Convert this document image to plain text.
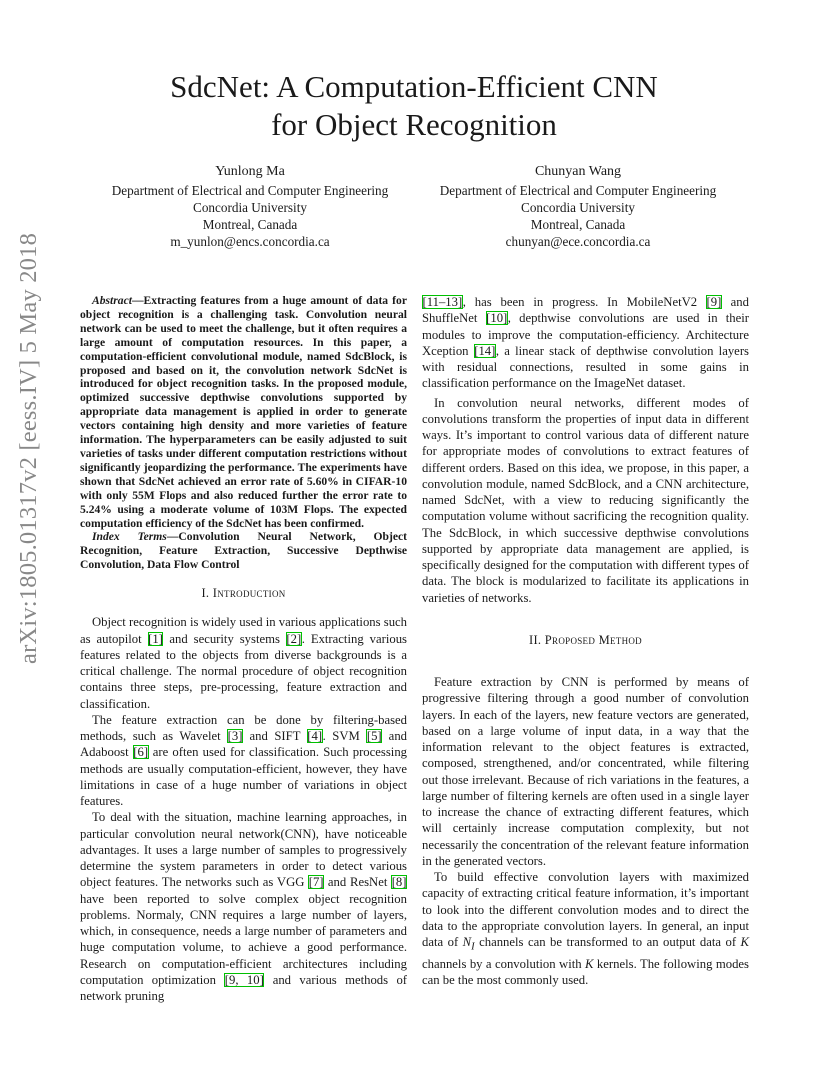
arXiv:1805.01317v2 [eess.IV] 5 May 2018
SdcNet: A Computation-Efficient CNN
for Object Recognition
Yunlong Ma
Department of Electrical and Computer Engineering
Concordia University
Montreal, Canada
m_yunlon@encs.concordia.ca
Chunyan Wang
Department of Electrical and Computer Engineering
Concordia University
Montreal, Canada
chunyan@ece.concordia.ca

Abstract—Extracting features from a huge amount of data for object recognition is a challenging task. Convolution neural network can be used to meet the challenge, but it often requires a large amount of computation resources. In this paper, a computation-efficient convolutional module, named SdcBlock, is proposed and based on it, the convolution network SdcNet is introduced for object recognition tasks. In the proposed module, optimized successive depthwise convolutions supported by appropriate data management is applied in order to generate vectors containing high density and more varieties of feature information. The hyperparameters can be easily adjusted to suit varieties of tasks under different computation restrictions without significantly jeopardizing the performance. The experiments have shown that SdcNet achieved an error rate of 5.60% in CIFAR-10 with only 55M Flops and also reduced further the error rate to 5.24% using a moderate volume of 103M Flops. The expected computation efficiency of the SdcNet has been confirmed.

Index Terms—Convolution Neural Network, Object Recognition, Feature Extraction, Successive Depthwise Convolution, Data Flow Control

I. Introduction

Object recognition is widely used in various applications such as autopilot [1] and security systems [2]. Extracting various features related to the objects from diverse backgrounds is a critical challenge. The normal procedure of object recognition contains three steps, pre-processing, feature extraction and classification.

The feature extraction can be done by filtering-based methods, such as Wavelet [3] and SIFT [4]. SVM [5] and Adaboost [6] are often used for classification. Such processing methods are usually computation-efficient, however, they have limitations in case of a huge number of variations in object features.

To deal with the situation, machine learning approaches, in particular convolution neural network(CNN), have noticeable advantages. It uses a large number of samples to progressively determine the system parameters in order to detect various object features. The networks such as VGG [7] and ResNet [8] have been reported to solve complex object recognition problems. Normaly, CNN requires a large number of layers, which, in consequence, needs a large number of parameters and huge computation volume, to achieve a good performance. Research on computation-efficient architectures including computation optimization [9, 10] and various methods of network pruning

[11–13], has been in progress. In MobileNetV2 [9] and ShuffleNet [10], depthwise convolutions are used in their modules to improve the computation-efficiency. Architecture Xception [14], a linear stack of depthwise convolution layers with residual connections, resulted in some gains in classification performance on the ImageNet dataset.

In convolution neural networks, different modes of convolutions transform the properties of input data in different ways. It’s important to control various data of different nature for appropriate modes of convolutions to extract features of different orders. Based on this idea, we propose, in this paper, a convolution module, named SdcBlock, and a CNN architecture, named SdcNet, with a view to reducing significantly the computation volume without sacrificing the recognition quality. The SdcBlock, in which successive depthwise convolutions supported by appropriate data management are applied, is specifically designed for the computation with different types of data. The block is modularized to facilitate its applications in varieties of networks.

II. Proposed Method

Feature extraction by CNN is performed by means of progressive filtering through a good number of convolution layers. In each of the layers, new feature vectors are generated, based on a large volume of input data, in a way that the information relevant to the object features is extracted, composed, strengthened, and/or concentrated, while filtering out those irrelevant. Because of rich variations in the features, a large number of filtering kernels are often used in a single layer to increase the chance of extracting different features, which will certainly increase computation complexity, but not necessarily the concentration of the relevant feature information in the generated vectors.

To build effective convolution layers with maximized capacity of extracting critical feature information, it’s important to look into the different convolution modes and to direct the data to the appropriate convolution layers. In general, an input data of $N_I$ channels can be transformed to an output data of K channels by a convolution with K kernels. The following modes can be the most commonly used.
